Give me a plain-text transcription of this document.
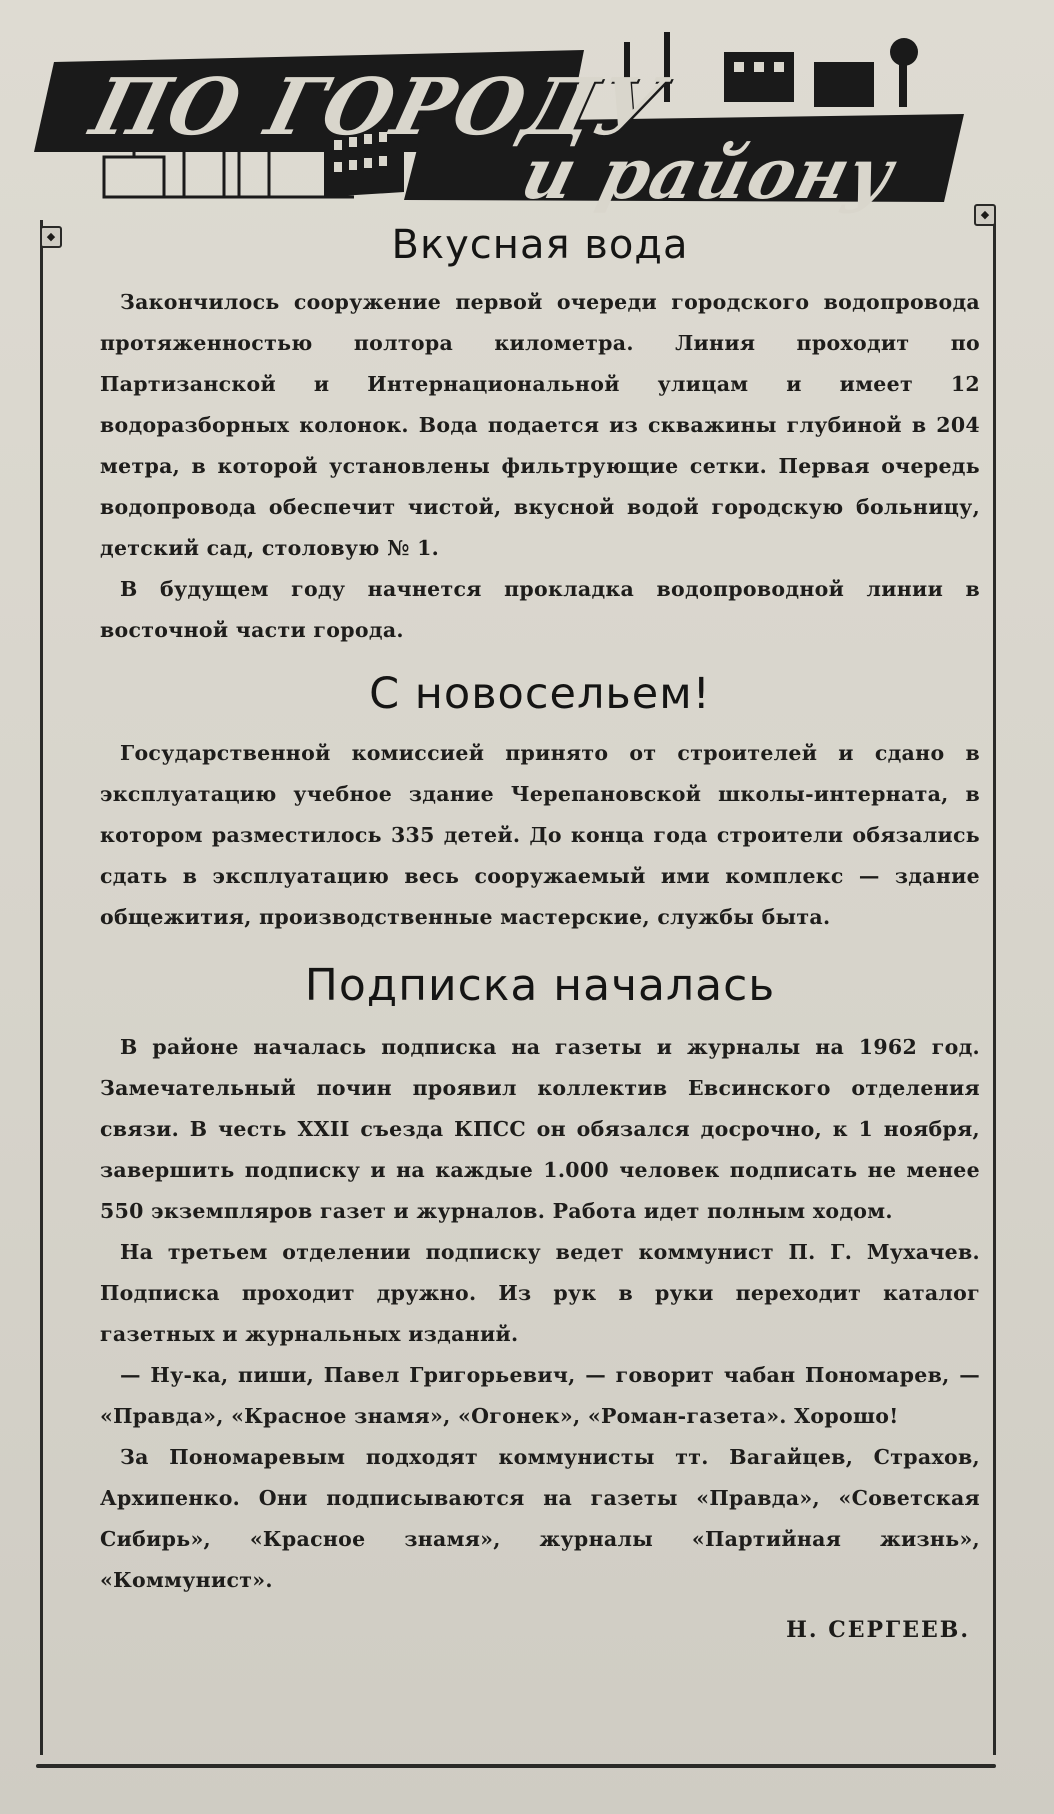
ПО ГОРОДУ
и району
◆
◆
Вкусная вода

Закончилось сооружение первой очереди городского водопровода протяженностью полтора километра. Линия проходит по Партизанской и Интернациональной улицам и имеет 12 водоразборных колонок. Вода подается из скважины глубиной в 204 метра, в которой установлены фильтрующие сетки. Первая очередь водопровода обеспечит чистой, вкусной водой городскую больницу, детский сад, столовую № 1.

В будущем году начнется прокладка водопроводной линии в восточной части города.

С новосельем!

Государственной комиссией принято от строителей и сдано в эксплуатацию учебное здание Черепановской школы-интерната, в котором разместилось 335 детей. До конца года строители обязались сдать в эксплуатацию весь сооружаемый ими комплекс — здание общежития, производственные мастерские, службы быта.

Подписка началась

В районе началась подписка на газеты и журналы на 1962 год. Замечательный почин проявил коллектив Евсинского отделения связи. В честь XXII съезда КПСС он обязался досрочно, к 1 ноября, завершить подписку и на каждые 1.000 человек подписать не менее 550 экземпляров газет и журналов. Работа идет полным ходом.

На третьем отделении подписку ведет коммунист П. Г. Мухачев. Подписка проходит дружно. Из рук в руки переходит каталог газетных и журнальных изданий.

— Ну-ка, пиши, Павел Григорьевич, — говорит чабан Пономарев, — «Правда», «Красное знамя», «Огонек», «Роман-газета». Хорошо!

За Пономаревым подходят коммунисты тт. Вагайцев, Страхов, Архипенко. Они подписываются на газеты «Правда», «Советская Сибирь», «Красное знамя», журналы «Партийная жизнь», «Коммунист».

Н. СЕРГЕЕВ.
